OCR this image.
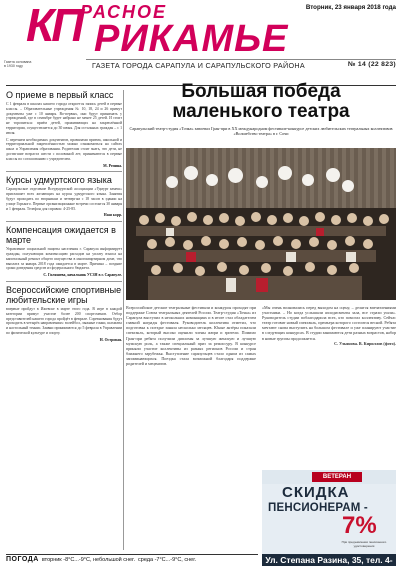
КП
РАСНОЕ
РИКАМЬЕ
Газета основана в 1930 году
Вторник, 23 января 2018 года
ГАЗЕТА ГОРОДА САРАПУЛА И САРАПУЛЬСКОГО РАЙОНА	№ 14 (22 823)
О приеме в первый класс
С 1 февраля в школах нашего города откроется запись детей в первые классы. – Образовательные учреждения № 10, 18, 24 и 26 примут документы уже с 10 января. Во-первых, они будут принимать у учреждений, где в сентябре будет набрано не менее 25 детей. И стоит не торопиться: приём детей, проживающих на закреплённой территории, осуществляется до 30 июня. Для остальных граждан – с 1 июля.
С перечнем необходимых документов, правилами приема, школьной и территориальной закреплённостью можно ознакомиться на сайтах школ и Управления образования. Родителям стоит знать, что дети, не достигшие возраста шести с половиной лет, принимаются в первые классы по согласованию с учредителем.
М. Репина.
Курсы удмуртского языка
Сарапульское отделение Всеудмуртской ассоциации «Удмурт кенеш» приглашает всех желающих на курсы удмуртского языка. Занятия будут проходить по вторникам и четвергам с 18 часов в здании на улице Горького. Первые организационные встречи состоятся 30 января и 1 февраля. Телефон для справок: 4-25-85.
Наш корр.
Компенсация ожидается в марте
Управление социальной защиты населения г. Сарапула информирует граждан, получающих компенсацию расходов на уплату взноса на капитальный ремонт общего имущества в многоквартирном доме, что выплата за январь 2018 года ожидается в марте. Причина – поздние сроки доведения средств из федерального бюджета.
С. Гиляшева, начальник УСЗН в г. Сарапуле.
Всероссийские спортивные любительские игры
впервые пройдут в Ижевске в марте этого года. В игре в каждой категории примут участие более 200 спортсменов. Отбор представителей нашего города пройдёт в феврале. Соревнования будут проходить в четырёх направлениях: волейбол, лыжные гонки, шахматы и настольный теннис. Заявки принимаются до 5 февраля в Управлении по физической культуре и спорту.
Н. Островая.
Большая победа маленького театра
Сарапульский театр-студия «Точка» завоевал Гран-при в XX международном фестивале-конкурсе детских любительских театральных коллективов «Волшебство театра» в г. Сочи
Всероссийские детские театральные фестивали и конкурсы проходят при поддержке Союза театральных деятелей России. Театр-студия «Точка» из Сарапула выступил в нескольких номинациях и в итоге стал обладателем главной награды фестиваля. Руководитель коллектива отметил, что подготовка к поездке заняла несколько месяцев. Юные актёры показали спектакль, который высоко оценили члены жюри и зрители. Помимо Гран-при ребята получили дипломы за лучшую женскую и лучшую мужскую роль, а также специальный приз за режиссуру. В конкурсе приняли участие коллективы из разных регионов России и стран ближнего зарубежья. Выступление сарапульцев стало одним из самых запоминающихся. Поездка стала возможной благодаря поддержке родителей и меценатов.
«Мы очень волновались перед выходом на сцену, – делятся впечатлениями участники. – Но когда услышали аплодисменты зала, все страхи ушли». Руководитель студии поблагодарила всех, кто помогал коллективу. Сейчас театр готовит новый спектакль, премьера которого состоится весной. Ребята мечтают снова выступить на большом фестивале и уже планируют участие в следующих конкурсах. В студии занимаются дети разных возрастов, набор в новые группы продолжается.
С. Ульянова. В. Кириллов (фото).
ВЕТЕРАН
СКИДКА
ПЕНСИОНЕРАМ -
7%
При предъявлении пенсионного удостоверения
ПОГОДА вторник -8°С...-9°С, небольшой снег. среда -7°С...-9°С, снег.	Ул. Степана Разина, 35, тел. 4-07-27.
